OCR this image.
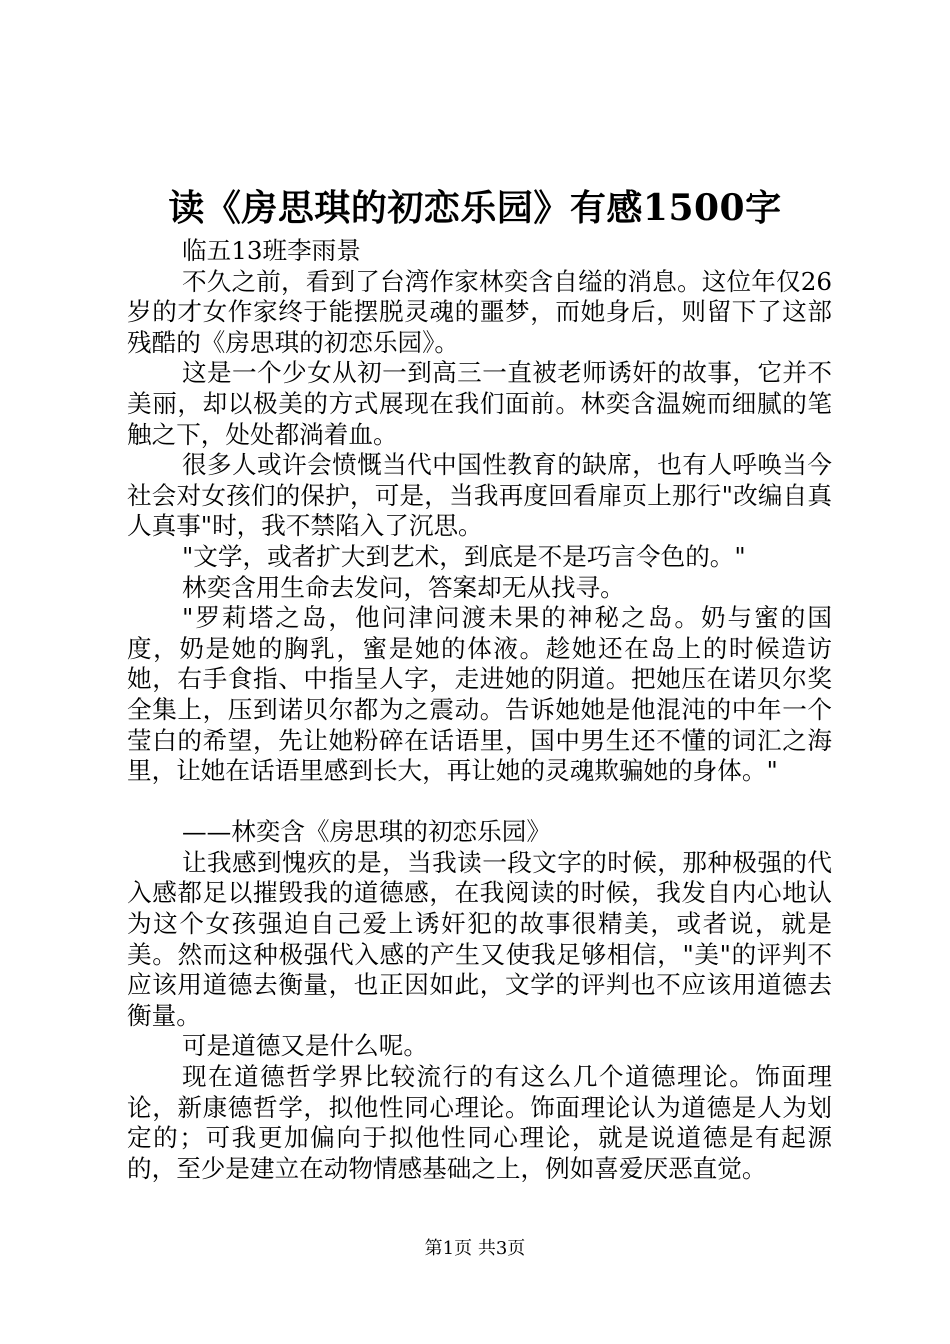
读《房思琪的初恋乐园》有感1500字

临五13班李雨景

不久之前，看到了台湾作家林奕含自缢的消息。这位年仅26岁的才女作家终于能摆脱灵魂的噩梦，而她身后，则留下了这部残酷的《房思琪的初恋乐园》。

这是一个少女从初一到高三一直被老师诱奸的故事，它并不美丽，却以极美的方式展现在我们面前。林奕含温婉而细腻的笔触之下，处处都淌着血。

很多人或许会愤慨当代中国性教育的缺席，也有人呼唤当今社会对女孩们的保护，可是，当我再度回看扉页上那行"改编自真人真事"时，我不禁陷入了沉思。

"文学，或者扩大到艺术，到底是不是巧言令色的。"

林奕含用生命去发问，答案却无从找寻。

"罗莉塔之岛，他问津问渡未果的神秘之岛。奶与蜜的国度，奶是她的胸乳，蜜是她的体液。趁她还在岛上的时候造访她，右手食指、中指呈人字，走进她的阴道。把她压在诺贝尔奖全集上，压到诺贝尔都为之震动。告诉她她是他混沌的中年一个莹白的希望，先让她粉碎在话语里，国中男生还不懂的词汇之海里，让她在话语里感到长大，再让她的灵魂欺骗她的身体。"

——林奕含《房思琪的初恋乐园》

让我感到愧疚的是，当我读一段文字的时候，那种极强的代入感都足以摧毁我的道德感，在我阅读的时候，我发自内心地认为这个女孩强迫自己爱上诱奸犯的故事很精美，或者说，就是美。然而这种极强代入感的产生又使我足够相信，"美"的评判不应该用道德去衡量，也正因如此，文学的评判也不应该用道德去衡量。

可是道德又是什么呢。

现在道德哲学界比较流行的有这么几个道德理论。饰面理论，新康德哲学，拟他性同心理论。饰面理论认为道德是人为划定的；可我更加偏向于拟他性同心理论，就是说道德是有起源的，至少是建立在动物情感基础之上，例如喜爱厌恶直觉。

第1页 共3页
